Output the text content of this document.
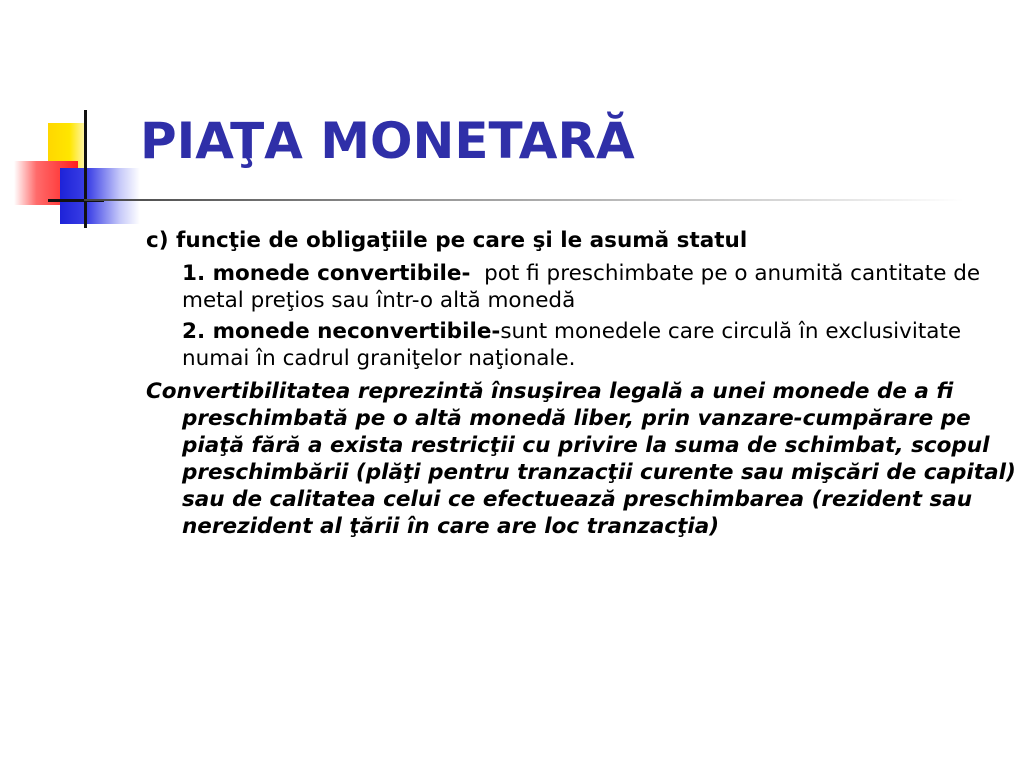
PIAŢA MONETARĂ

c) funcţie de obligaţiile pe care şi le asumă statul

1. monede convertibile-  pot fi preschimbate pe o anumită cantitate de metal preţios sau într-o altă monedă

2. monede neconvertibile-sunt monedele care circulă în exclusivitate numai în cadrul graniţelor naţionale.

Convertibilitatea reprezintă însuşirea legală a unei monede de a fi preschimbată pe o altă monedă liber, prin vanzare-cumpărare pe piaţă fără a exista restricţii cu privire la suma de schimbat, scopul preschimbării (plăţi pentru tranzacţii curente sau mişcări de capital) sau de calitatea celui ce efectuează preschimbarea (rezident sau nerezident al ţării în care are loc tranzacţia)
